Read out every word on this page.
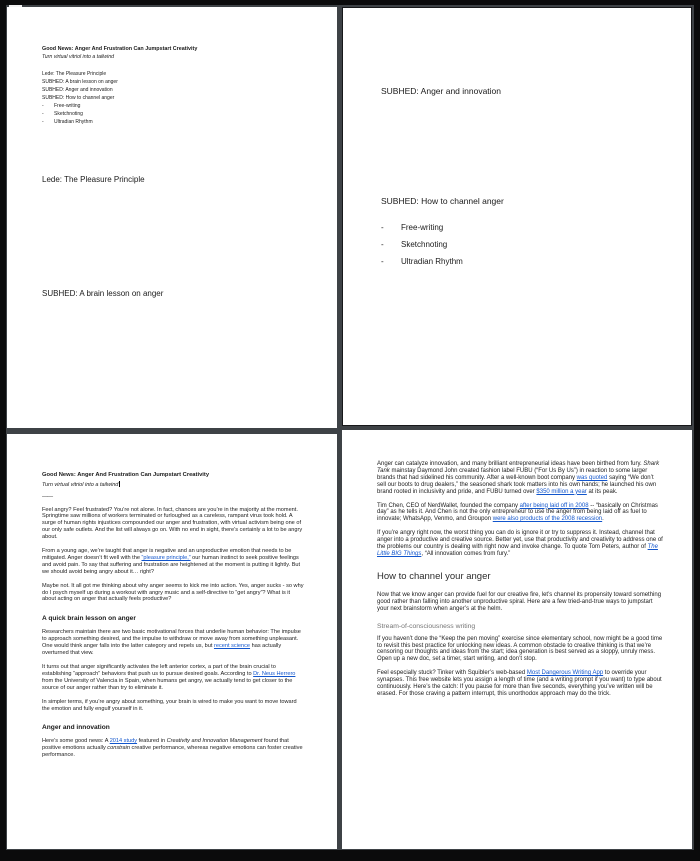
Good News: Anger And Frustration Can Jumpstart Creativity
Turn virtual vitriol into a tailwind
Lede: The Pleasure Principle
SUBHED: A brain lesson on anger
SUBHED: Anger and innovation
SUBHED: How to channel anger
-	Free-writing
-	Sketchnoting
-	Ultradian Rhythm
Lede: The Pleasure Principle
SUBHED: A brain lesson on anger
SUBHED: Anger and innovation
SUBHED: How to channel anger
-	Free-writing
-	Sketchnoting
-	Ultradian Rhythm
Good News: Anger And Frustration Can Jumpstart Creativity
Turn virtual vitriol into a tailwind
——
Feel angry? Feel frustrated? You’re not alone. In fact, chances are you’re in the majority at the moment. Springtime saw millions of workers terminated or furloughed as a careless, rampant virus took hold. A surge of human rights injustices compounded our anger and frustration, with virtual activism being one of our only safe outlets. And the list will always go on. With no end in sight, there’s certainly a lot to be angry about.
From a young age, we’re taught that anger is negative and an unproductive emotion that needs to be mitigated. Anger doesn’t fit well with the “pleasure principle,” our human instinct to seek positive feelings and avoid pain. To say that suffering and frustration are heightened at the moment is putting it lightly. But we should avoid being angry about it… right?
Maybe not. It all got me thinking about why anger seems to kick me into action. Yes, anger sucks - so why do I psych myself up during a workout with angry music and a self-directive to “get angry”? What is it about acting on anger that actually feels productive?
A quick brain lesson on anger
Researchers maintain there are two basic motivational forces that underlie human behavior: The impulse to approach something desired, and the impulse to withdraw or move away from something unpleasant. One would think anger falls into the latter category and repels us, but recent science has actually overturned that view.
It turns out that anger significantly activates the left anterior cortex, a part of the brain crucial to establishing “approach” behaviors that push us to pursue desired goals. According to Dr. Neus Herrero from the University of Valencia in Spain, when humans get angry, we actually tend to get closer to the source of our anger rather than try to eliminate it.
In simpler terms, if you’re angry about something, your brain is wired to make you want to move toward the emotion and fully engulf yourself in it.
Anger and innovation
Here’s some good news: A 2014 study featured in Creativity and Innovation Management found that positive emotions actually constrain creative performance, whereas negative emotions can foster creative performance.
Anger can catalyze innovation, and many brilliant entrepreneurial ideas have been birthed from fury. Shark Tank mainstay Daymond John created fashion label FUBU (“For Us By Us”) in reaction to some larger brands that had sidelined his community. After a well-known boot company was quoted saying “We don’t sell our boots to drug dealers,” the seasoned shark took matters into his own hands; he launched his own brand rooted in inclusivity and pride, and FUBU turned over $350 million a year at its peak.
Tim Chen, CEO of NerdWallet, founded the company after being laid off in 2008 -- “basically on Christmas day” as he tells it. And Chen is not the only entrepreneur to use the anger from being laid off as fuel to innovate; WhatsApp, Venmo, and Groupon were also products of the 2008 recession.
If you’re angry right now, the worst thing you can do is ignore it or try to suppress it. Instead, channel that anger into a productive and creative source. Better yet, use that productivity and creativity to address one of the problems our country is dealing with right now and invoke change. To quote Tom Peters, author of The Little BIG Things, “All innovation comes from fury.”
How to channel your anger
Now that we know anger can provide fuel for our creative fire, let’s channel its propensity toward something good rather than falling into another unproductive spiral. Here are a few tried-and-true ways to jumpstart your next brainstorm when anger’s at the helm.
Stream-of-consciousness writing
If you haven’t done the “Keep the pen moving” exercise since elementary school, now might be a good time to revisit this best practice for unlocking new ideas. A common obstacle to creative thinking is that we’re censoring our thoughts and ideas from the start; idea generation is best served as a sloppy, unruly mess. Open up a new doc, set a timer, start writing, and don’t stop.
Feel especially stuck? Tinker with Squibler’s web-based Most Dangerous Writing App to override your synapses. This free website lets you assign a length of time (and a writing prompt if you want) to type about continuously. Here’s the catch: If you pause for more than five seconds, everything you’ve written will be erased. For those craving a pattern interrupt, this unorthodox approach may do the trick.
